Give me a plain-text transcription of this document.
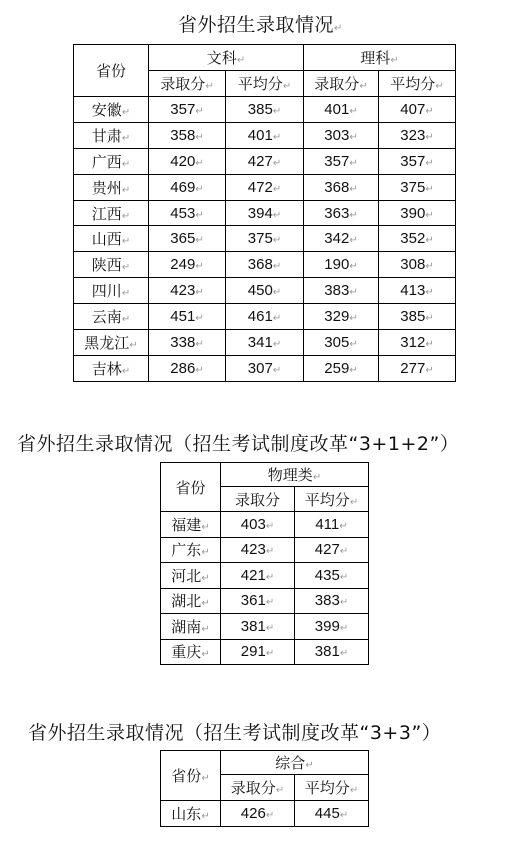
省外招生录取情况↵
省份	文科↵		理科↵	
	录取分↵	平均分↵	录取分↵	平均分↵
安徽↵	357↵	385↵	401↵	407↵
甘肃↵	358↵	401↵	303↵	323↵
广西↵	420↵	427↵	357↵	357↵
贵州↵	469↵	472↵	368↵	375↵
江西↵	453↵	394↵	363↵	390↵
山西↵	365↵	375↵	342↵	352↵
陕西↵	249↵	368↵	190↵	308↵
四川↵	423↵	450↵	383↵	413↵
云南↵	451↵	461↵	329↵	385↵
黑龙江↵	338↵	341↵	305↵	312↵
吉林↵	286↵	307↵	259↵	277↵
省外招生录取情况（招生考试制度改革“3+1+2”）
省份	物理类↵	
	录取分	平均分↵
福建↵	403↵	411↵
广东↵	423↵	427↵
河北↵	421↵	435↵
湖北↵	361↵	383↵
湖南↵	381↵	399↵
重庆↵	291↵	381↵
省外招生录取情况（招生考试制度改革“3+3”）
省份↵	综合↵	
	录取分↵	平均分↵
山东↵	426↵	445↵
